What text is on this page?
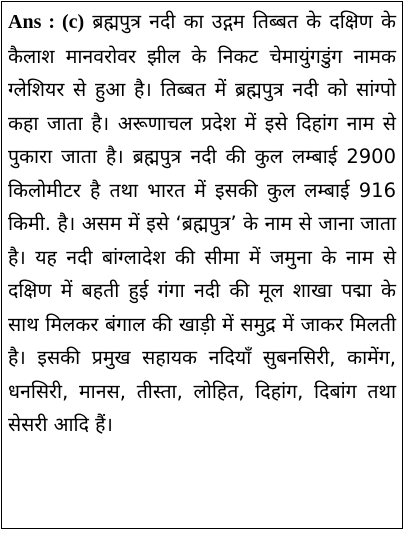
Ans : (c) ब्रह्मपुत्र नदी का उद्गम तिब्बत के दक्षिण के कैलाश मानवरोवर झील के निकट चेमायुंगडुंग नामक ग्लेशियर से हुआ है। तिब्बत में ब्रह्मपुत्र नदी को सांग्पो कहा जाता है। अरूणाचल प्रदेश में इसे दिहांग नाम से पुकारा जाता है। ब्रह्मपुत्र नदी की कुल लम्बाई 2900 किलोमीटर है तथा भारत में इसकी कुल लम्बाई 916 किमी. है। असम में इसे ‘ब्रह्मपुत्र’ के नाम से जाना जाता है। यह नदी बांग्लादेश की सीमा में जमुना के नाम से दक्षिण में बहती हुई गंगा नदी की मूल शाखा पद्मा के साथ मिलकर बंगाल की खाड़ी में समुद्र में जाकर मिलती है। इसकी प्रमुख सहायक नदियाँ सुबनसिरी, कामेंग, धनसिरी, मानस, तीस्ता, लोहित, दिहांग, दिबांग तथा सेसरी आदि हैं।
